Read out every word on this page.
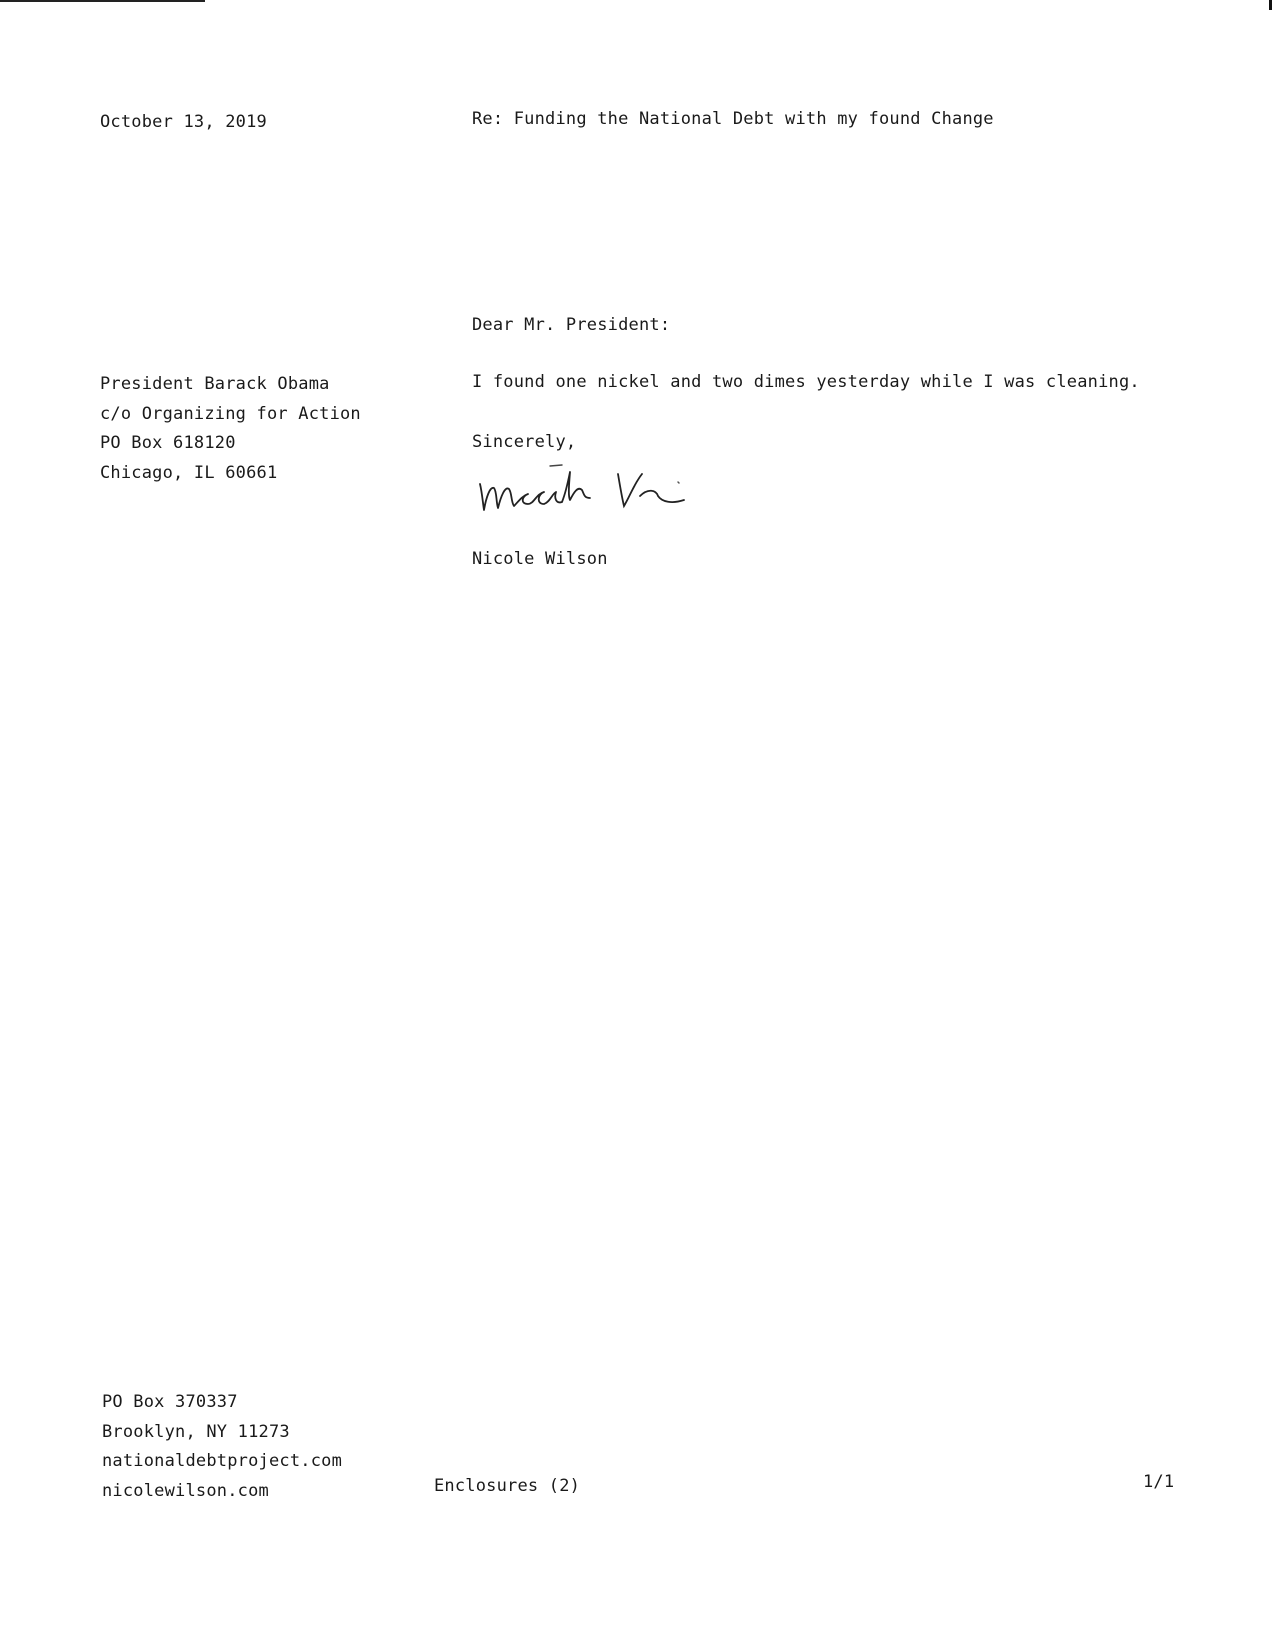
October 13, 2019	Re: Funding the National Debt with my found Change
Dear Mr. President:
President Barack Obama
c/o Organizing for Action
PO Box 618120
Chicago, IL 60661
I found one nickel and two dimes yesterday while I was cleaning.
Sincerely,
Nicole Wilson
PO Box 370337
Brooklyn, NY 11273
nationaldebtproject.com
nicolewilson.com	Enclosures (2)	1/1
